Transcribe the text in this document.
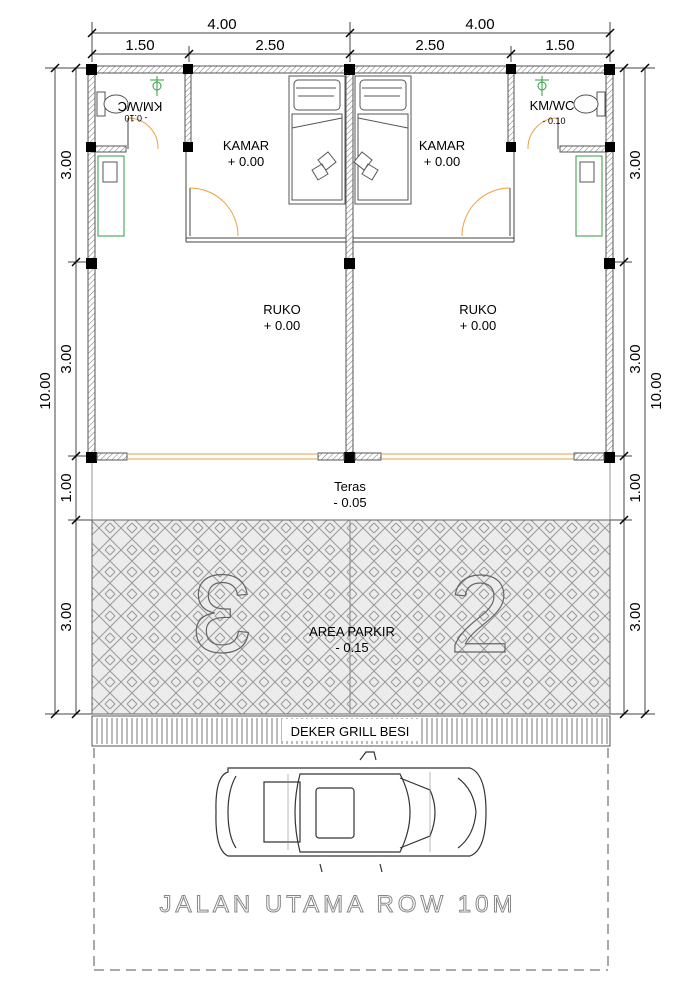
4.00	4.00
1.50	2.50	2.50	1.50
10.00
3.00
3.00
1.00
3.00
3.00
3.00
1.00
3.00
10.00
3 2
KM/WC
- 0.10
KM/WC
- 0.10
KAMAR
+ 0.00
KAMAR
+ 0.00
RUKO
+ 0.00
RUKO
+ 0.00
Teras
- 0.05
AREA PARKIR
- 0.15
DEKER GRILL BESI
JALAN UTAMA ROW 10M
